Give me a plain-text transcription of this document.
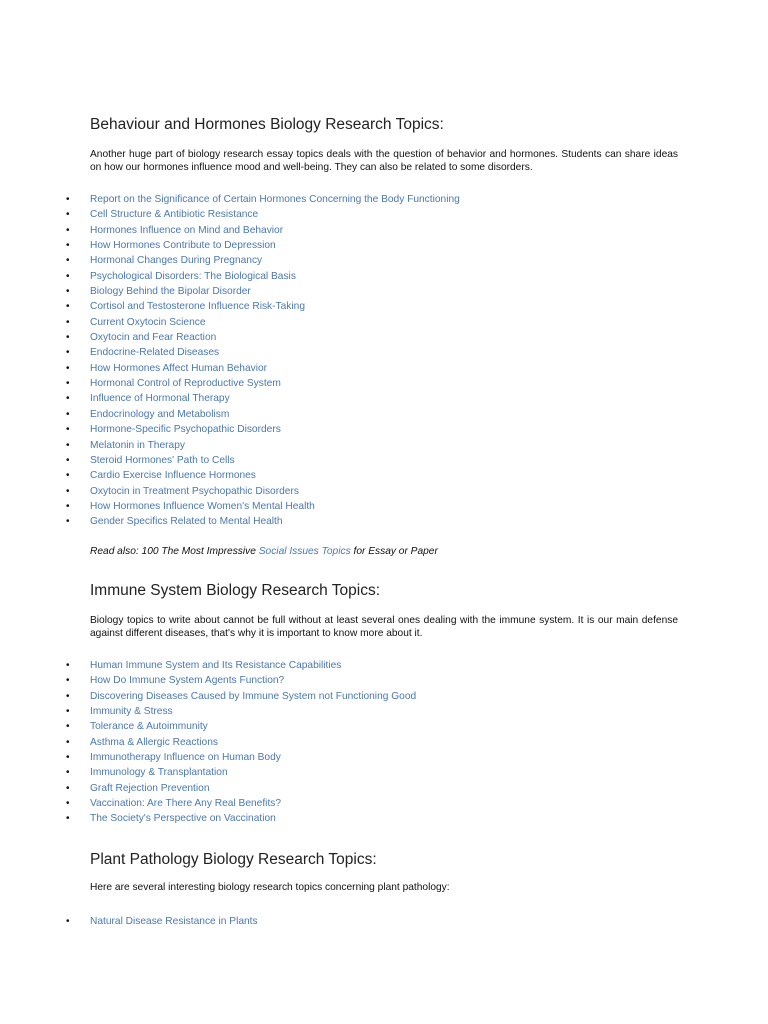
Behaviour and Hormones Biology Research Topics:

Another huge part of biology research essay topics deals with the question of behavior and hormones. Students can share ideas on how our hormones influence mood and well-being. They can also be related to some disorders.

• Report on the Significance of Certain Hormones Concerning the Body Functioning
• Cell Structure & Antibiotic Resistance
• Hormones Influence on Mind and Behavior
• How Hormones Contribute to Depression
• Hormonal Changes During Pregnancy
• Psychological Disorders: The Biological Basis
• Biology Behind the Bipolar Disorder
• Cortisol and Testosterone Influence Risk-Taking
• Current Oxytocin Science
• Oxytocin and Fear Reaction
• Endocrine-Related Diseases
• How Hormones Affect Human Behavior
• Hormonal Control of Reproductive System
• Influence of Hormonal Therapy
• Endocrinology and Metabolism
• Hormone-Specific Psychopathic Disorders
• Melatonin in Therapy
• Steroid Hormones' Path to Cells
• Cardio Exercise Influence Hormones
• Oxytocin in Treatment Psychopathic Disorders
• How Hormones Influence Women's Mental Health
• Gender Specifics Related to Mental Health
Read also: 100 The Most Impressive Social Issues Topics for Essay or Paper
Immune System Biology Research Topics:

Biology topics to write about cannot be full without at least several ones dealing with the immune system. It is our main defense against different diseases, that's why it is important to know more about it.

• Human Immune System and Its Resistance Capabilities
• How Do Immune System Agents Function?
• Discovering Diseases Caused by Immune System not Functioning Good
• Immunity & Stress
• Tolerance & Autoimmunity
• Asthma & Allergic Reactions
• Immunotherapy Influence on Human Body
• Immunology & Transplantation
• Graft Rejection Prevention
• Vaccination: Are There Any Real Benefits?
• The Society's Perspective on Vaccination
Plant Pathology Biology Research Topics:

Here are several interesting biology research topics concerning plant pathology:

• Natural Disease Resistance in Plants
